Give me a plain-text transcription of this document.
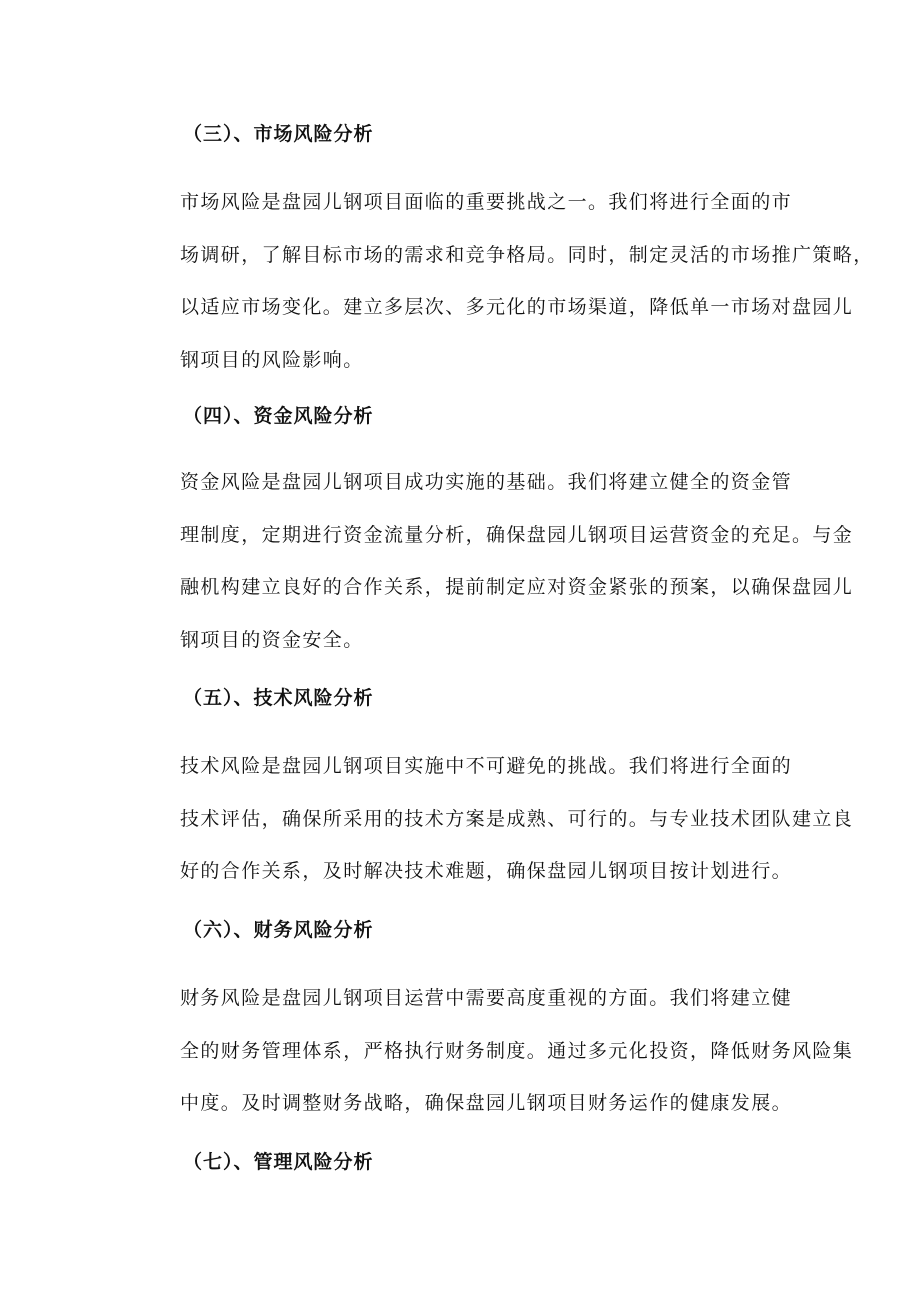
（三）、市场风险分析
市场风险是盘园儿钢项目面临的重要挑战之一。我们将进行全面的市
场调研，了解目标市场的需求和竞争格局。同时，制定灵活的市场推广策略，
以适应市场变化。建立多层次、多元化的市场渠道，降低单一市场对盘园儿
钢项目的风险影响。
（四）、资金风险分析
资金风险是盘园儿钢项目成功实施的基础。我们将建立健全的资金管
理制度，定期进行资金流量分析，确保盘园儿钢项目运营资金的充足。与金
融机构建立良好的合作关系，提前制定应对资金紧张的预案，以确保盘园儿
钢项目的资金安全。
（五）、技术风险分析
技术风险是盘园儿钢项目实施中不可避免的挑战。我们将进行全面的
技术评估，确保所采用的技术方案是成熟、可行的。与专业技术团队建立良
好的合作关系，及时解决技术难题，确保盘园儿钢项目按计划进行。
（六）、财务风险分析
财务风险是盘园儿钢项目运营中需要高度重视的方面。我们将建立健
全的财务管理体系，严格执行财务制度。通过多元化投资，降低财务风险集
中度。及时调整财务战略，确保盘园儿钢项目财务运作的健康发展。
（七）、管理风险分析
